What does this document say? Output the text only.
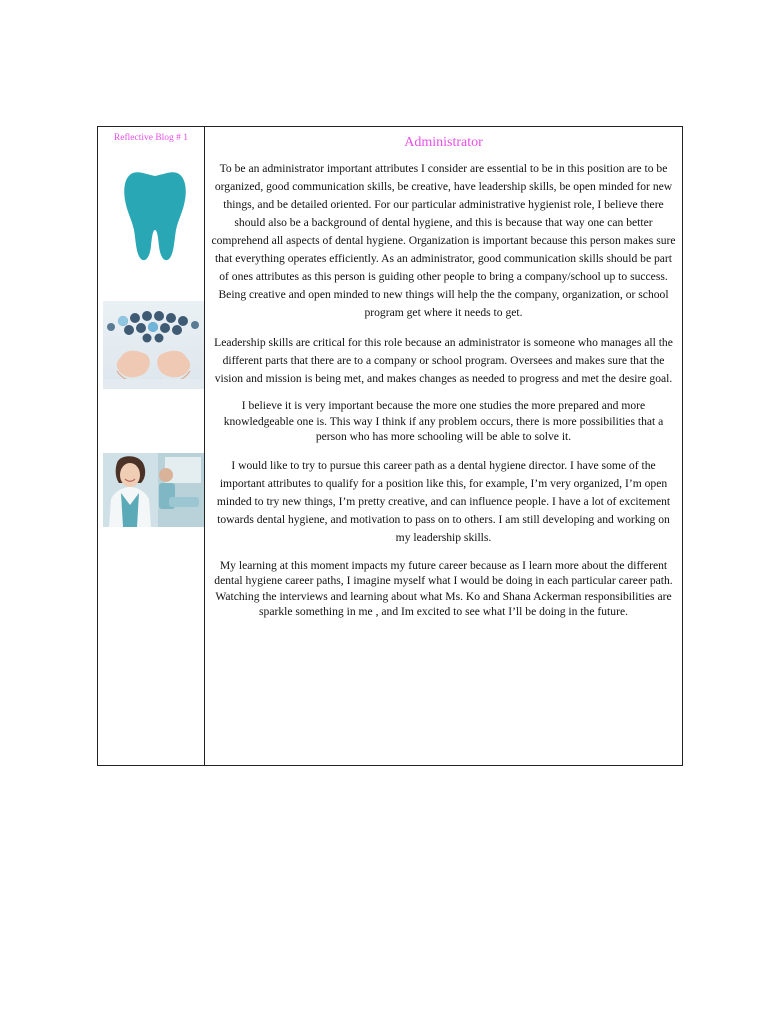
Reflective Blog # 1	Administrator

To be an administrator important attributes I consider are essential to be in this position are to be organized, good communication skills, be creative, have leadership skills, be open minded for new things, and be detailed oriented. For our particular administrative hygienist role, I believe there should also be a background of dental hygiene, and this is because that way one can better comprehend all aspects of dental hygiene. Organization is important because this person makes sure that everything operates efficiently. As an administrator, good communication skills should be part of ones attributes as this person is guiding other people to bring a company/school up to success. Being creative and open minded to new things will help the the company, organization, or school program get where it needs to get.

Leadership skills are critical for this role because an administrator is someone who manages all the different parts that there are to a company or school program. Oversees and makes sure that the vision and mission is being met, and makes changes as needed to progress and met the desire goal.

I believe it is very important because the more one studies the more prepared and more knowledgeable one is. This way I think if any problem occurs, there is more possibilities that a person who has more schooling will be able to solve it.

I would like to try to pursue this career path as a dental hygiene director. I have some of the important attributes to qualify for a position like this, for example, I’m very organized, I’m open minded to try new things, I’m pretty creative, and can influence people. I have a lot of excitement towards dental hygiene, and motivation to pass on to others. I am still developing and working on my leadership skills.

My learning at this moment impacts my future career because as I learn more about the different dental hygiene career paths, I imagine myself what I would be doing in each particular career path. Watching the interviews and learning about what Ms. Ko and Shana Ackerman responsibilities are sparkle something in me , and Im excited to see what I’ll be doing in the future.
